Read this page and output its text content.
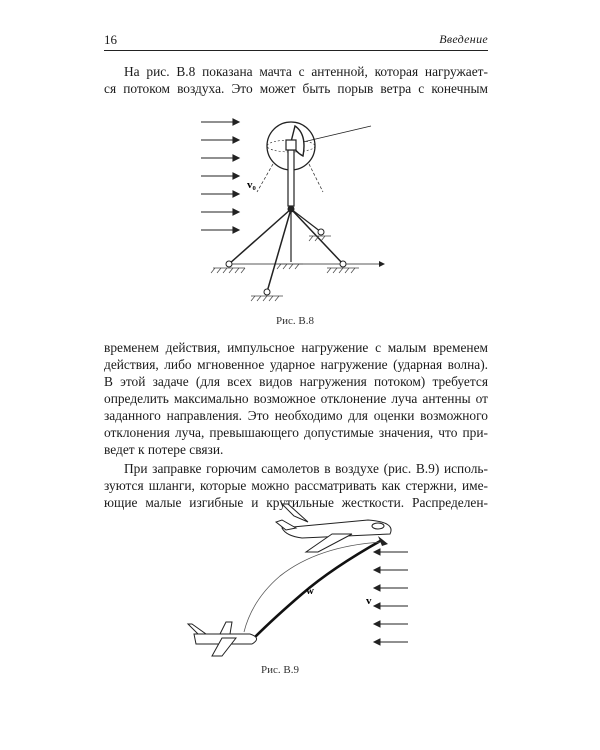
16	Введение
На рис. В.8 показана мачта с антенной, которая нагружает-
ся потоком воздуха. Это может быть порыв ветра с конечным
v₀
Рис. В.8
временем действия, импульсное нагружение с малым временем
действия, либо мгновенное ударное нагружение (ударная волна).
В этой задаче (для всех видов нагружения потоком) требуется
определить максимально возможное отклонение луча антенны от
заданного направления. Это необходимо для оценки возможного
отклонения луча, превышающего допустимые значения, что при-
ведет к потере связи.
При заправке горючим самолетов в воздухе (рис. В.9) исполь-
зуются шланги, которые можно рассматривать как стержни, име-
ющие малые изгибные и крутильные жесткости. Распределен-
w
v
Рис. В.9
